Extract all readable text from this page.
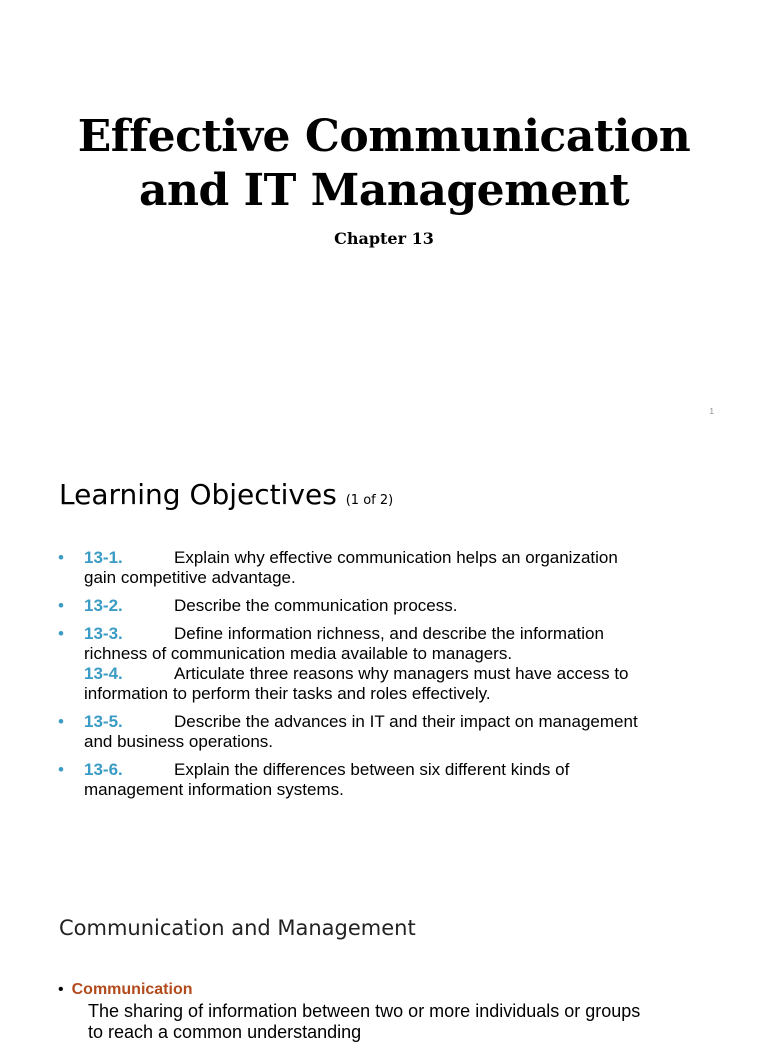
Effective Communication
and IT Management
Chapter 13
1
Learning Objectives (1 of 2)
• 13-1.	Explain why effective communication helps an organization
gain competitive advantage.
• 13-2.	Describe the communication process.
• 13-3.	Define information richness, and describe the information
richness of communication media available to managers.
13-4.	Articulate three reasons why managers must have access to
information to perform their tasks and roles effectively.
• 13-5.	Describe the advances in IT and their impact on management
and business operations.
• 13-6.	Explain the differences between six different kinds of
management information systems.
Communication and Management
• Communication
The sharing of information between two or more individuals or groups
to reach a common understanding
